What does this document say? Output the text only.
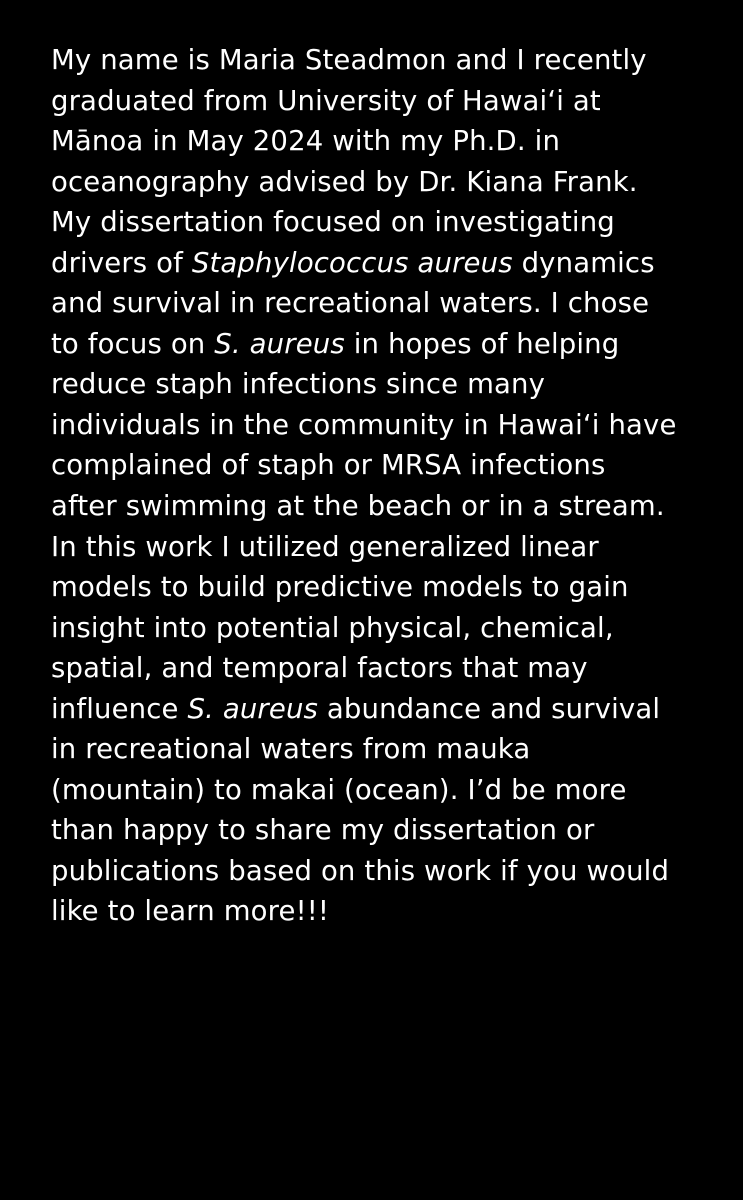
My name is Maria Steadmon and I recently
graduated from University of Hawai‘i at
Mānoa in May 2024 with my Ph.D. in
oceanography advised by Dr. Kiana Frank.
My dissertation focused on investigating
drivers of Staphylococcus aureus dynamics
and survival in recreational waters. I chose
to focus on S. aureus in hopes of helping
reduce staph infections since many
individuals in the community in Hawai‘i have
complained of staph or MRSA infections
after swimming at the beach or in a stream.
In this work I utilized generalized linear
models to build predictive models to gain
insight into potential physical, chemical,
spatial, and temporal factors that may
influence S. aureus abundance and survival
in recreational waters from mauka
(mountain) to makai (ocean). I’d be more
than happy to share my dissertation or
publications based on this work if you would
like to learn more!!!
